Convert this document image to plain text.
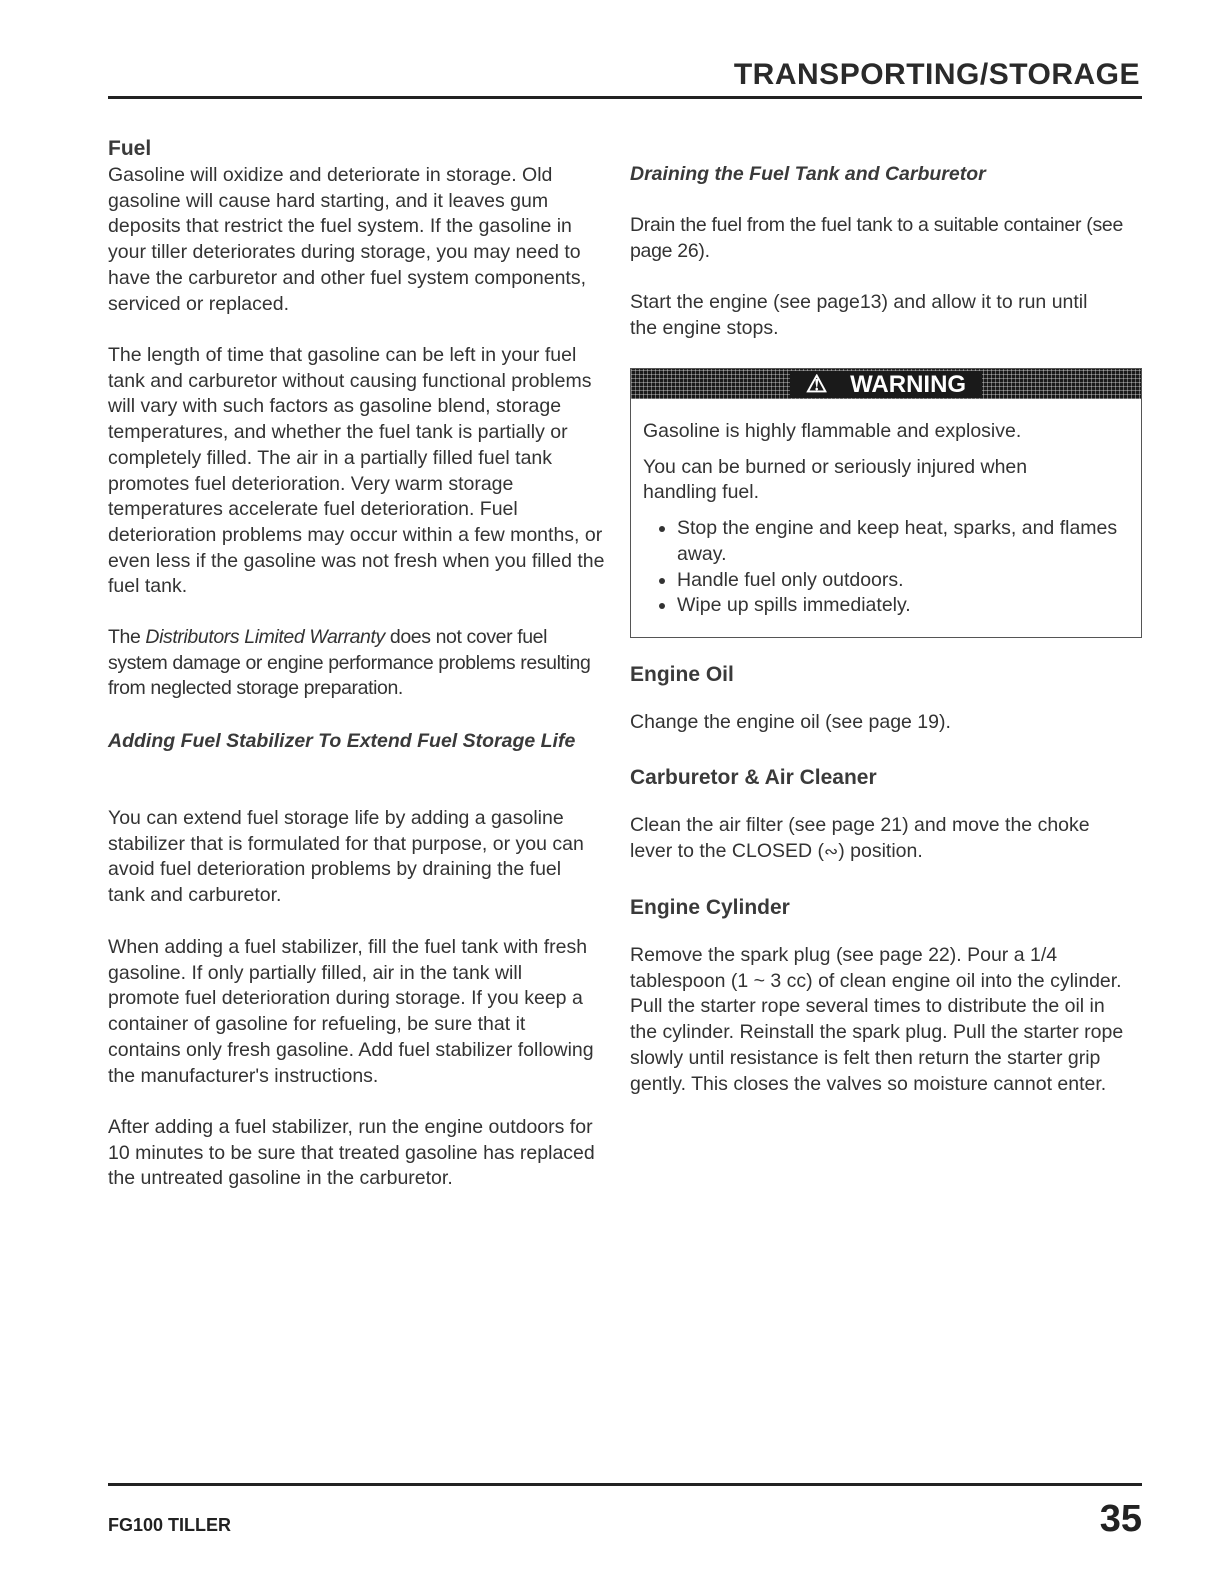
TRANSPORTING/STORAGE
Fuel

Gasoline will oxidize and deteriorate in storage. Old gasoline will cause hard starting, and it leaves gum deposits that restrict the fuel system. If the gasoline in your tiller deteriorates during storage, you may need to have the carburetor and other fuel system components, serviced or replaced.

The length of time that gasoline can be left in your fuel tank and carburetor without causing functional problems will vary with such factors as gasoline blend, storage temperatures, and whether the fuel tank is partially or completely filled. The air in a partially filled fuel tank promotes fuel deterioration. Very warm storage temperatures accelerate fuel deterioration. Fuel deterioration problems may occur within a few months, or even less if the gasoline was not fresh when you filled the fuel tank.

The Distributors Limited Warranty does not cover fuel system damage or engine performance problems resulting from neglected storage preparation.

Adding Fuel Stabilizer To Extend Fuel Storage Life

You can extend fuel storage life by adding a gasoline stabilizer that is formulated for that purpose, or you can avoid fuel deterioration problems by draining the fuel tank and carburetor.

When adding a fuel stabilizer, fill the fuel tank with fresh gasoline. If only partially filled, air in the tank will promote fuel deterioration during storage. If you keep a container of gasoline for refueling, be sure that it contains only fresh gasoline. Add fuel stabilizer following the manufacturer's instructions.

After adding a fuel stabilizer, run the engine outdoors for 10 minutes to be sure that treated gasoline has replaced the untreated gasoline in the carburetor.

Draining the Fuel Tank and Carburetor

Drain the fuel from the fuel tank to a suitable container (see page 26).

Start the engine (see page13) and allow it to run until the engine stops.

⚠ WARNING

Gasoline is highly flammable and explosive.

You can be burned or seriously injured when handling fuel.

• Stop the engine and keep heat, sparks, and flames away.
• Handle fuel only outdoors.
• Wipe up spills immediately.
Engine Oil

Change the engine oil (see page 19).

Carburetor & Air Cleaner

Clean the air filter (see page 21) and move the choke lever to the CLOSED (∾) position.

Engine Cylinder

Remove the spark plug (see page 22). Pour a 1/4 tablespoon (1 ~ 3 cc) of clean engine oil into the cylinder. Pull the starter rope several times to distribute the oil in the cylinder. Reinstall the spark plug. Pull the starter rope slowly until resistance is felt then return the starter grip gently. This closes the valves so moisture cannot enter.

FG100 TILLER	35
